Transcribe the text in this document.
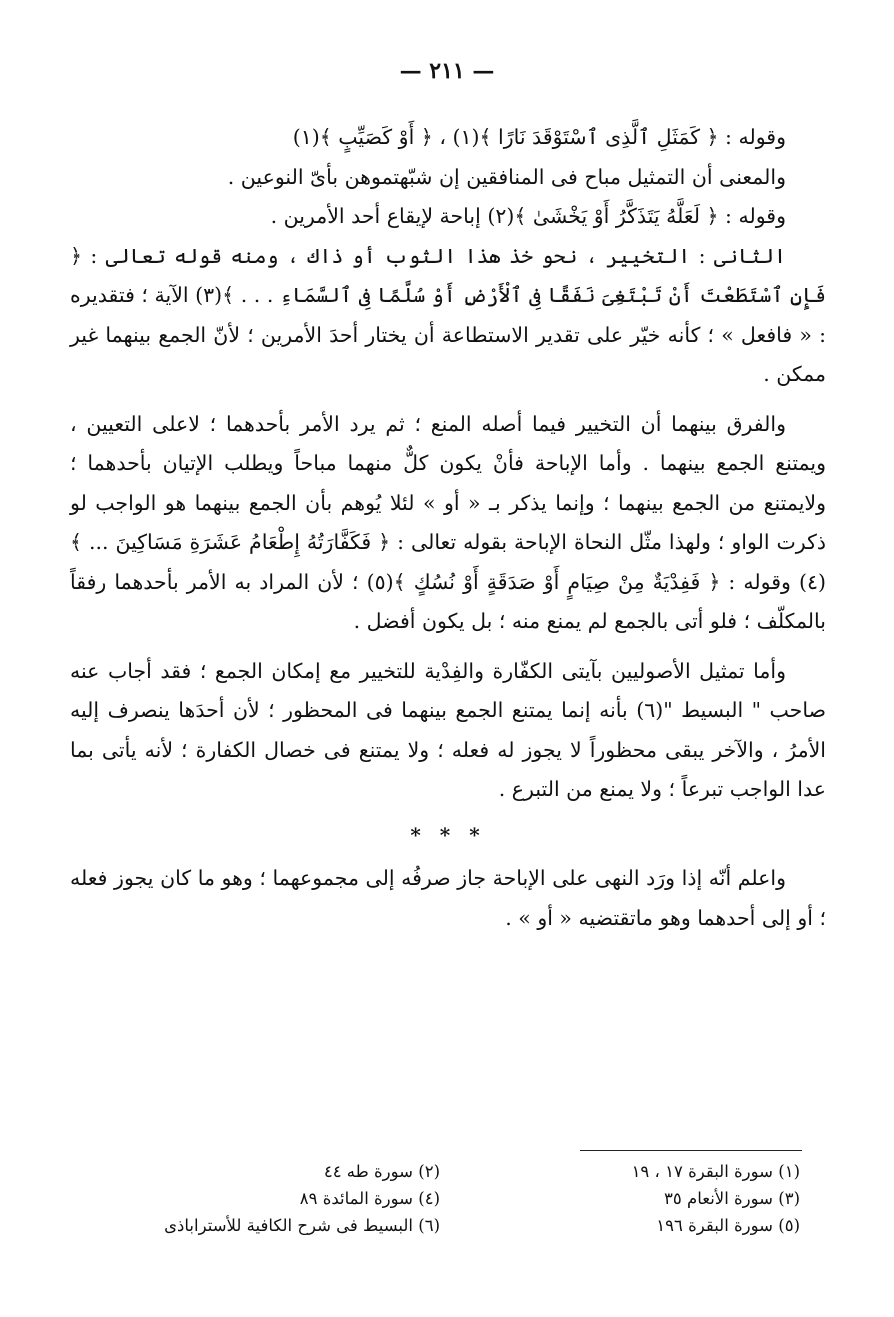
— ٢١١ —

وقوله : ﴿ كَمَثَلِ ٱلَّذِى ٱسْتَوْقَدَ نَارًا ﴾(١) ، ﴿ أَوْ كَصَيِّبٍ ﴾(١)

والمعنى أن التمثيل مباح فى المنافقين إن شبّهتموهن بأىّ النوعين .

وقوله : ﴿ لَعَلَّهُ يَتَذَكَّرُ أَوْ يَخْشَىٰ ﴾(٢) إباحة لإيقاع أحد الأمرين .

الثانى : التخيير ، نحو خذ هذا الثوب أو ذاك ، ومنه قوله تعالى : ﴿ فَإِنِ ٱسْتَطَعْتَ أَنْ تَبْتَغِىَ نَفَقًا فِى ٱلْأَرْضِ أَوْ سُلَّمًا فِى ٱلسَّمَاءِ . . . ﴾(٣) الآية ؛ فتقديره : « فافعل » ؛ كأنه خيّر على تقدير الاستطاعة أن يختار أحدَ الأمرين ؛ لأنّ الجمع بينهما غير ممكن .

والفرق بينهما أن التخيير فيما أصله المنع ؛ ثم يرد الأمر بأحدهما ؛ لاعلى التعيين ، ويمتنع الجمع بينهما . وأما الإباحة فأنْ يكون كلٌّ منهما مباحاً ويطلب الإتيان بأحدهما ؛ ولايمتنع من الجمع بينهما ؛ وإنما يذكر بـ « أو » لئلا يُوهم بأن الجمع بينهما هو الواجب لو ذكرت الواو ؛ ولهذا مثّل النحاة الإباحة بقوله تعالى : ﴿ فَكَفَّارَتُهُ إِطْعَامُ عَشَرَةِ مَسَاكِينَ ... ﴾(٤) وقوله : ﴿ فَفِدْيَةٌ مِنْ صِيَامٍ أَوْ صَدَقَةٍ أَوْ نُسُكٍ ﴾(٥) ؛ لأن المراد به الأمر بأحدهما رفقاً بالمكلّف ؛ فلو أتى بالجمع لم يمنع منه ؛ بل يكون أفضل .

وأما تمثيل الأصوليين بآيتى الكفّارة والفِدْية للتخيير مع إمكان الجمع ؛ فقد أجاب عنه صاحب " البسيط "(٦) بأنه إنما يمتنع الجمع بينهما فى المحظور ؛ لأن أحدَها ينصرف إليه الأمرُ ، والآخر يبقى محظوراً لا يجوز له فعله ؛ ولا يمتنع فى خصال الكفارة ؛ لأنه يأتى بما عدا الواجب تبرعاً ؛ ولا يمنع من التبرع .

* * *

واعلم أنّه إذا ورَد النهى على الإباحة جاز صرفُه إلى مجموعهما ؛ وهو ما كان يجوز فعله ؛ أو إلى أحدهما وهو ماتقتضيه « أو » .

(١) سورة البقرة ١٧ ، ١٩
(٣) سورة الأنعام ٣٥
(٥) سورة البقرة ١٩٦
(٢) سورة طه ٤٤
(٤) سورة المائدة ٨٩
(٦) البسيط فى شرح الكافية للأستراباذى
